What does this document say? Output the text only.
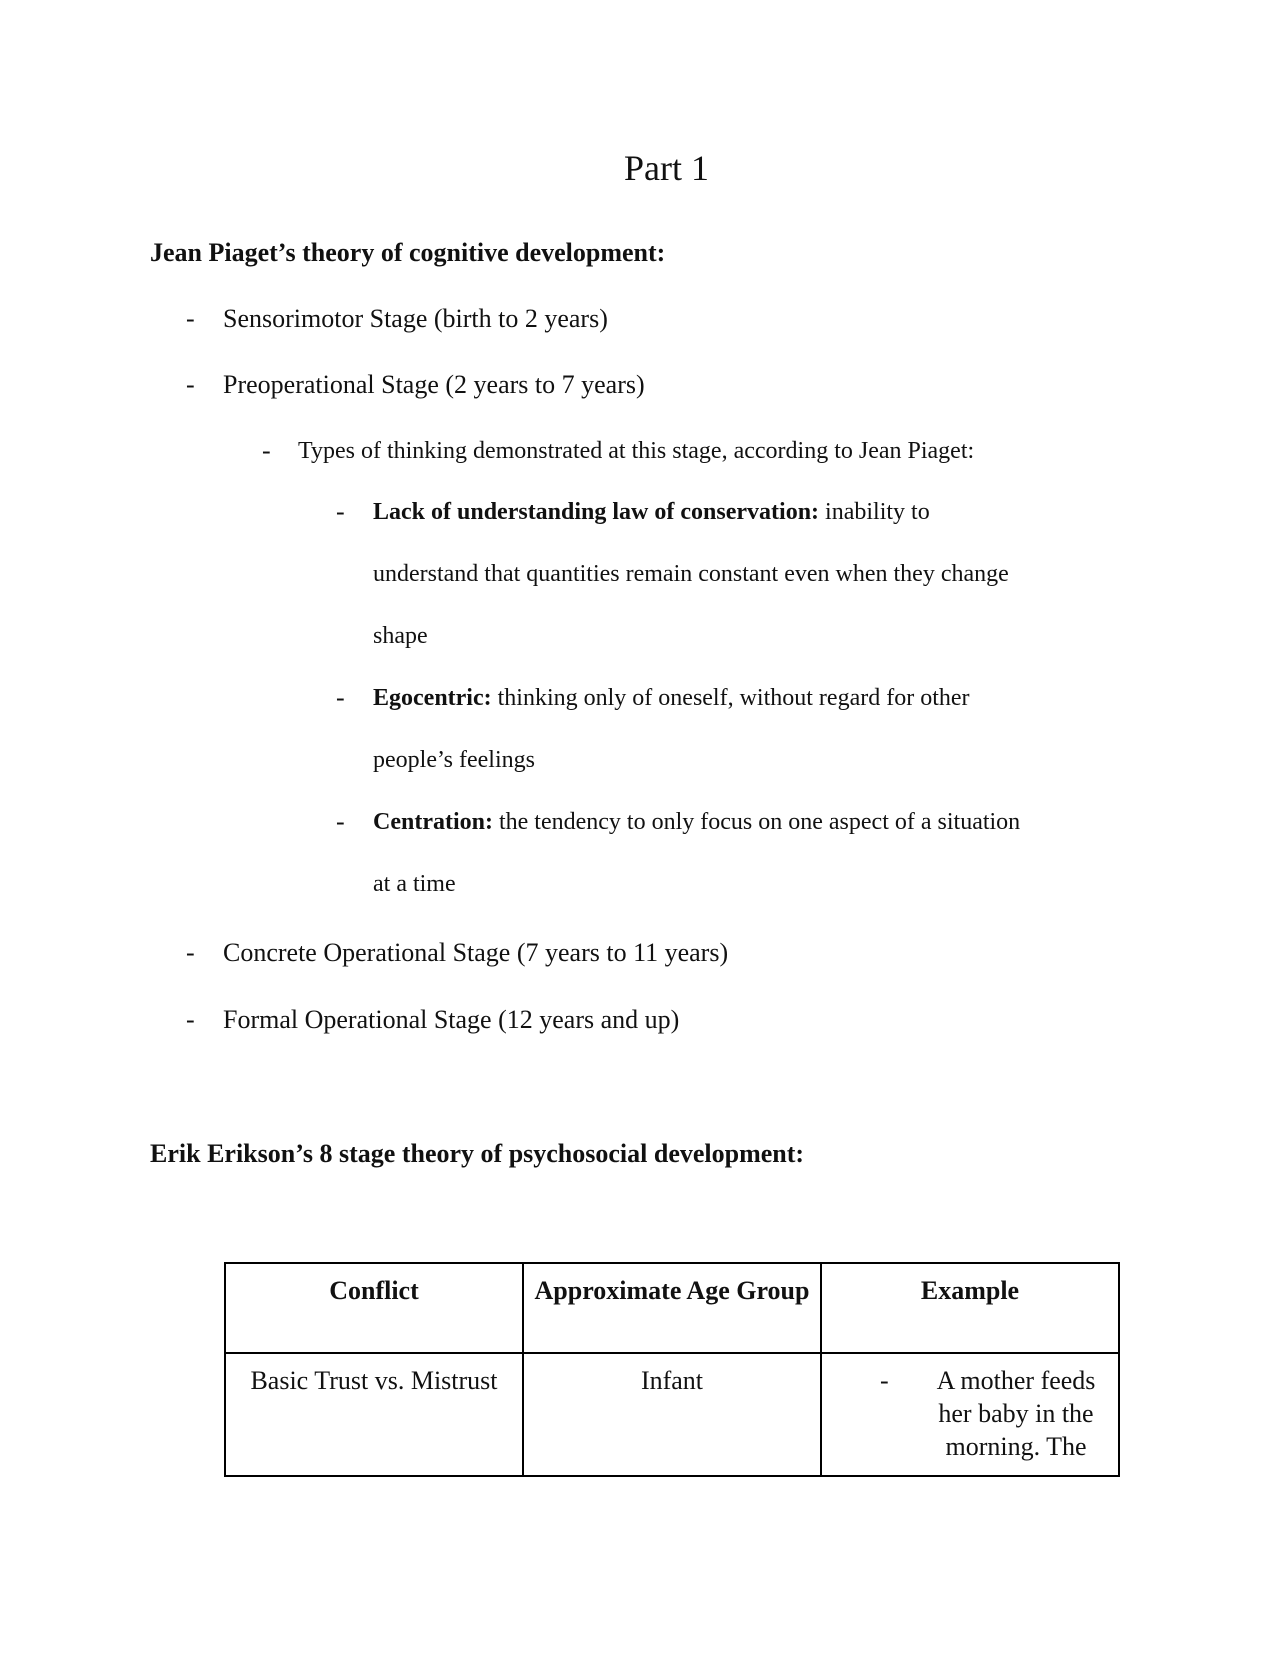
Part 1
Jean Piaget’s theory of cognitive development:
- Sensorimotor Stage (birth to 2 years)
- Preoperational Stage (2 years to 7 years)
- Types of thinking demonstrated at this stage, according to Jean Piaget:
- Lack of understanding law of conservation: inability to
understand that quantities remain constant even when they change
shape
- Egocentric: thinking only of oneself, without regard for other
people’s feelings
- Centration: the tendency to only focus on one aspect of a situation
at a time
- Concrete Operational Stage (7 years to 11 years)
- Formal Operational Stage (12 years and up)
Erik Erikson’s 8 stage theory of psychosocial development:
Conflict	Approximate Age Group	Example
Basic Trust vs. Mistrust	Infant	- A mother feeds her baby in the morning. The
